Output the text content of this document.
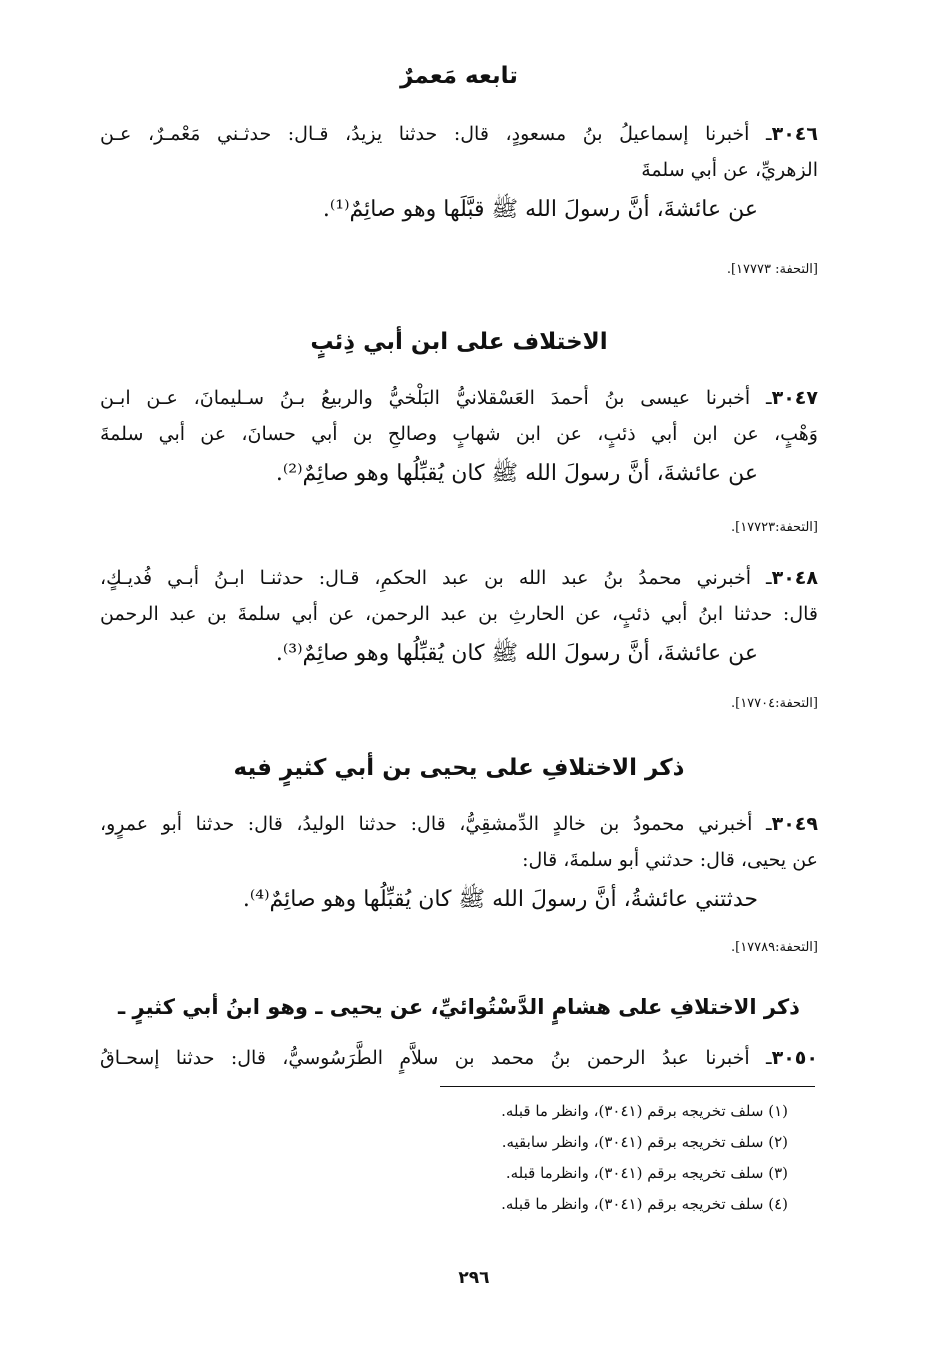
تابعه مَعمرٌ
٣٠٤٦ـ أخبرنا إسماعيلُ بنُ مسعودٍ، قال: حدثنا يزيدُ، قـال: حدثـني مَعْمـرٌ، عـن
الزهريِّ، عن أبي سلمةَ
عن عائشةَ، أنَّ رسولَ الله ﷺ قبَّلَها وهو صائِمٌ⁽¹⁾.
[التحفة: ١٧٧٧٣].
الاختلاف على ابن أبي ذِئبٍ
٣٠٤٧ـ أخبرنا عيسى بنُ أحمدَ العَسْقلانيُّ البَلْخيُّ والربيعُ بـنُ سـليمانَ، عـن ابـن
وَهْبٍ، عن ابن أبي ذئبٍ، عن ابن شهابٍ وصالحِ بن أبي حسانَ، عن أبي سلمةَ
عن عائشةَ، أنَّ رسولَ الله ﷺ كان يُقبِّلُها وهو صائِمٌ⁽²⁾.
[التحفة:١٧٧٢٣].
٣٠٤٨ـ أخبرني محمدُ بنُ عبد الله بن عبد الحكمِ، قـال: حدثنـا ابـنُ أبـي فُديـكٍ،
قال: حدثنا ابنُ أبي ذئبٍ، عن الحارثِ بن عبد الرحمن، عن أبي سلمةَ بن عبد الرحمن
عن عائشةَ، أنَّ رسولَ الله ﷺ كان يُقبِّلُها وهو صائِمٌ⁽³⁾.
[التحفة:١٧٧٠٤].
ذكر الاختلافِ على يحيى بن أبي كثيرٍ فيه
٣٠٤٩ـ أخبرني محمودُ بن خالدٍ الدِّمشقِيُّ، قال: حدثنا الوليدُ، قال: حدثنا أبو عمرٍو،
عن يحيى، قال: حدثني أبو سلمةَ، قال:
حدثتني عائشةُ، أنَّ رسولَ الله ﷺ كان يُقبِّلُها وهو صائِمٌ⁽⁴⁾.
[التحفة:١٧٧٨٩].
ذكر الاختلافِ على هشامٍ الدَّسْتُوائيِّ، عن يحيى ـ وهو ابنُ أبي كثيرٍ ـ
٣٠٥٠ـ أخبرنا عبدُ الرحمن بنُ محمد بن سلاَّمٍ الطَّرَسُوسيُّ، قال: حدثنا إسحـاقُ
(١) سلف تخريجه برقم (٣٠٤١)، وانظر ما قبله.
(٢) سلف تخريجه برقم (٣٠٤١)، وانظر سابقيه.
(٣) سلف تخريجه برقم (٣٠٤١)، وانظرما قبله.
(٤) سلف تخريجه برقم (٣٠٤١)، وانظر ما قبله.
٢٩٦
